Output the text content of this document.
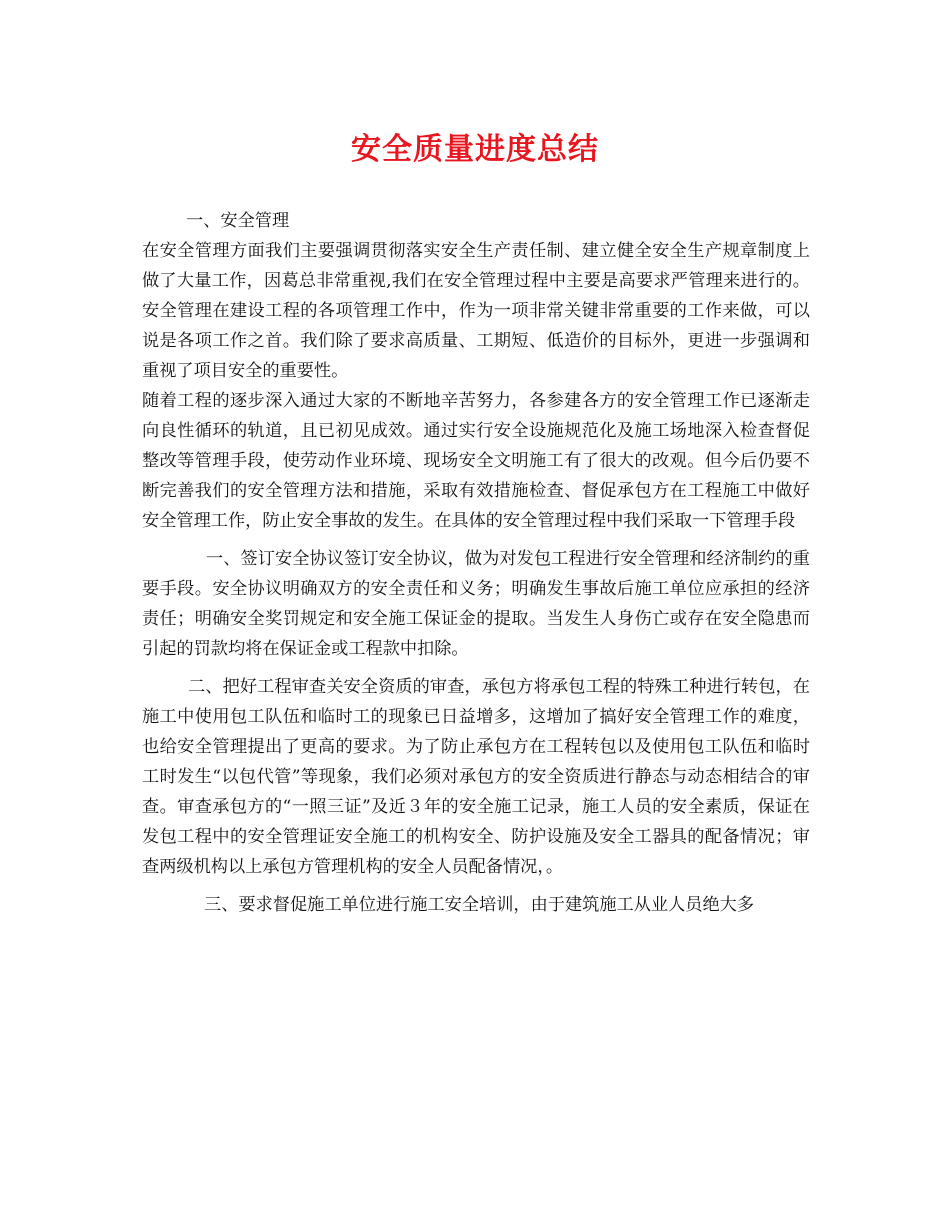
安全质量进度总结

一、安全管理

在安全管理方面我们主要强调贯彻落实安全生产责任制、建立健全安全生产规章制度上做了大量工作，因葛总非常重视,我们在安全管理过程中主要是高要求严管理来进行的。安全管理在建设工程的各项管理工作中，作为一项非常关键非常重要的工作来做，可以说是各项工作之首。我们除了要求高质量、工期短、低造价的目标外，更进一步强调和重视了项目安全的重要性。

随着工程的逐步深入通过大家的不断地辛苦努力，各参建各方的安全管理工作已逐渐走向良性循环的轨道，且已初见成效。通过实行安全设施规范化及施工场地深入检查督促整改等管理手段，使劳动作业环境、现场安全文明施工有了很大的改观。但今后仍要不断完善我们的安全管理方法和措施，采取有效措施检查、督促承包方在工程施工中做好安全管理工作，防止安全事故的发生。在具体的安全管理过程中我们采取一下管理手段

一、签订安全协议签订安全协议，做为对发包工程进行安全管理和经济制约的重要手段。安全协议明确双方的安全责任和义务；明确发生事故后施工单位应承担的经济责任；明确安全奖罚规定和安全施工保证金的提取。当发生人身伤亡或存在安全隐患而引起的罚款均将在保证金或工程款中扣除。

二、把好工程审查关安全资质的审查，承包方将承包工程的特殊工种进行转包，在施工中使用包工队伍和临时工的现象已日益增多，这增加了搞好安全管理工作的难度，也给安全管理提出了更高的要求。为了防止承包方在工程转包以及使用包工队伍和临时工时发生“以包代管”等现象，我们必须对承包方的安全资质进行静态与动态相结合的审查。审查承包方的“一照三证”及近３年的安全施工记录，施工人员的安全素质，保证在发包工程中的安全管理证安全施工的机构安全、防护设施及安全工器具的配备情况；审查两级机构以上承包方管理机构的安全人员配备情况，。

三、要求督促施工单位进行施工安全培训，由于建筑施工从业人员绝大多
